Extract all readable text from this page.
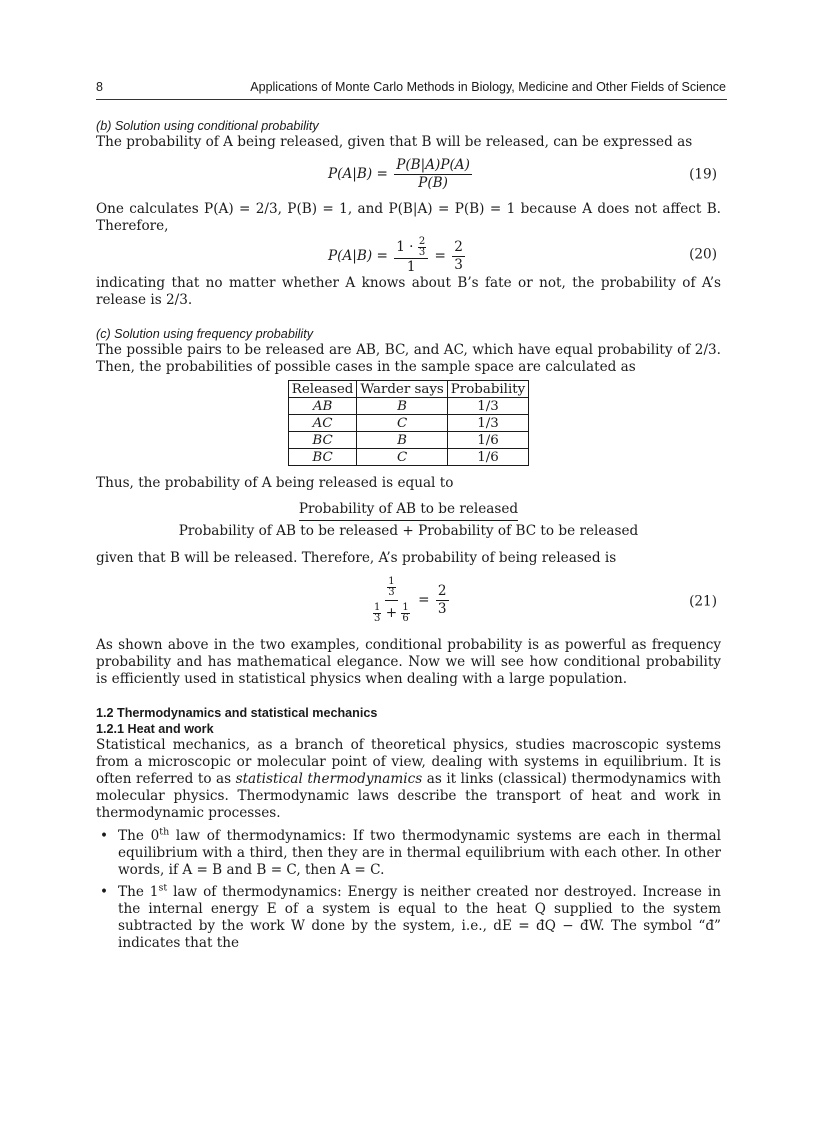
8	Applications of Monte Carlo Methods in Biology, Medicine and Other Fields of Science
(b) Solution using conditional probability

The probability of A being released, given that B will be released, can be expressed as

$P(A|B) = \frac{P(B|A)P(A)}{P(B)}$	(19)

One calculates P(A) = 2/3, P(B) = 1, and P(B|A) = P(B) = 1 because A does not affect B. Therefore,

$P(A|B) = \frac{1 \cdot \frac{2}{3}}{1} = \frac{2}{3}$	(20)

indicating that no matter whether A knows about B’s fate or not, the probability of A’s release is 2/3.

(c) Solution using frequency probability

The possible pairs to be released are AB, BC, and AC, which have equal probability of 2/3. Then, the probabilities of possible cases in the sample space are calculated as

Released	Warder says	Probability
AB	B	1/3
AC	C	1/3
BC	B	1/6
BC	C	1/6

Thus, the probability of A being released is equal to

Probability of AB to be released
Probability of AB to be released + Probability of BC to be released

given that B will be released. Therefore, A’s probability of being released is

$\frac{1}{3}$
$\frac{1}{3} + \frac{1}{6}$
= $\frac{2}{3}$	(21)

As shown above in the two examples, conditional probability is as powerful as frequency probability and has mathematical elegance. Now we will see how conditional probability is efficiently used in statistical physics when dealing with a large population.

1.2 Thermodynamics and statistical mechanics
1.2.1 Heat and work

Statistical mechanics, as a branch of theoretical physics, studies macroscopic systems from a microscopic or molecular point of view, dealing with systems in equilibrium. It is often referred to as statistical thermodynamics as it links (classical) thermodynamics with molecular physics. Thermodynamic laws describe the transport of heat and work in thermodynamic processes.

• The 0th law of thermodynamics: If two thermodynamic systems are each in thermal equilibrium with a third, then they are in thermal equilibrium with each other. In other words, if A = B and B = C, then A = C.
• The 1st law of thermodynamics: Energy is neither created nor destroyed. Increase in the internal energy E of a system is equal to the heat Q supplied to the system subtracted by the work W done by the system, i.e., dE = đQ − đW. The symbol “đ” indicates that the
